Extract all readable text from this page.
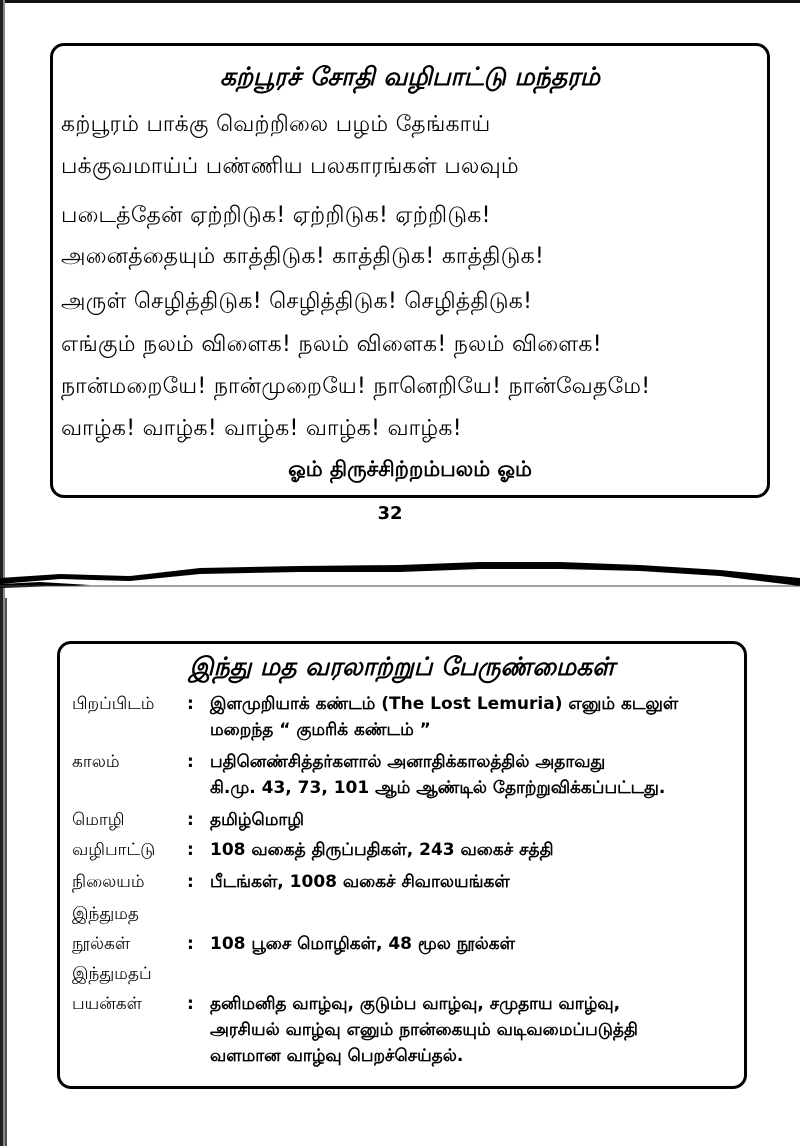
கற்பூரச் சோதி வழிபாட்டு மந்தரம்
கற்பூரம் பாக்கு வெற்றிலை பழம் தேங்காய்
பக்குவமாய்ப் பண்ணிய பலகாரங்கள் பலவும்
படைத்தேன் ஏற்றிடுக! ஏற்றிடுக! ஏற்றிடுக!
அனைத்தையும் காத்திடுக! காத்திடுக! காத்திடுக!
அருள் செழித்திடுக! செழித்திடுக! செழித்திடுக!
எங்கும் நலம் விளைக! நலம் விளைக! நலம் விளைக!
நான்மறையே! நான்முறையே! நானெறியே! நான்வேதமே!
வாழ்க! வாழ்க! வாழ்க! வாழ்க! வாழ்க!
ஓம் திருச்சிற்றம்பலம் ஓம்
32
இந்து மத வரலாற்றுப் பேருண்மைகள்
பிறப்பிடம் : இளமுறியாக் கண்டம் (The Lost Lemuria) எனும் கடலுள்
மறைந்த “ குமரிக் கண்டம் ”
காலம்	: பதினெண்சித்தர்களால் அனாதிக்காலத்தில் அதாவது
கி.மு. 43, 73, 101 ஆம் ஆண்டில் தோற்றுவிக்கப்பட்டது.
மொழி	: தமிழ்மொழி
வழிபாட்டு : 108 வகைத் திருப்பதிகள், 243 வகைச் சத்தி
நிலையம் : பீடங்கள், 1008 வகைச் சிவாலயங்கள்
இந்துமத
நூல்கள்	: 108 பூசை மொழிகள், 48 மூல நூல்கள்
இந்துமதப்
பயன்கள்	: தனிமனித வாழ்வு, குடும்ப வாழ்வு, சமுதாய வாழ்வு,
அரசியல் வாழ்வு எனும் நான்கையும் வடிவமைப்படுத்தி
வளமான வாழ்வு பெறச்செய்தல்.
